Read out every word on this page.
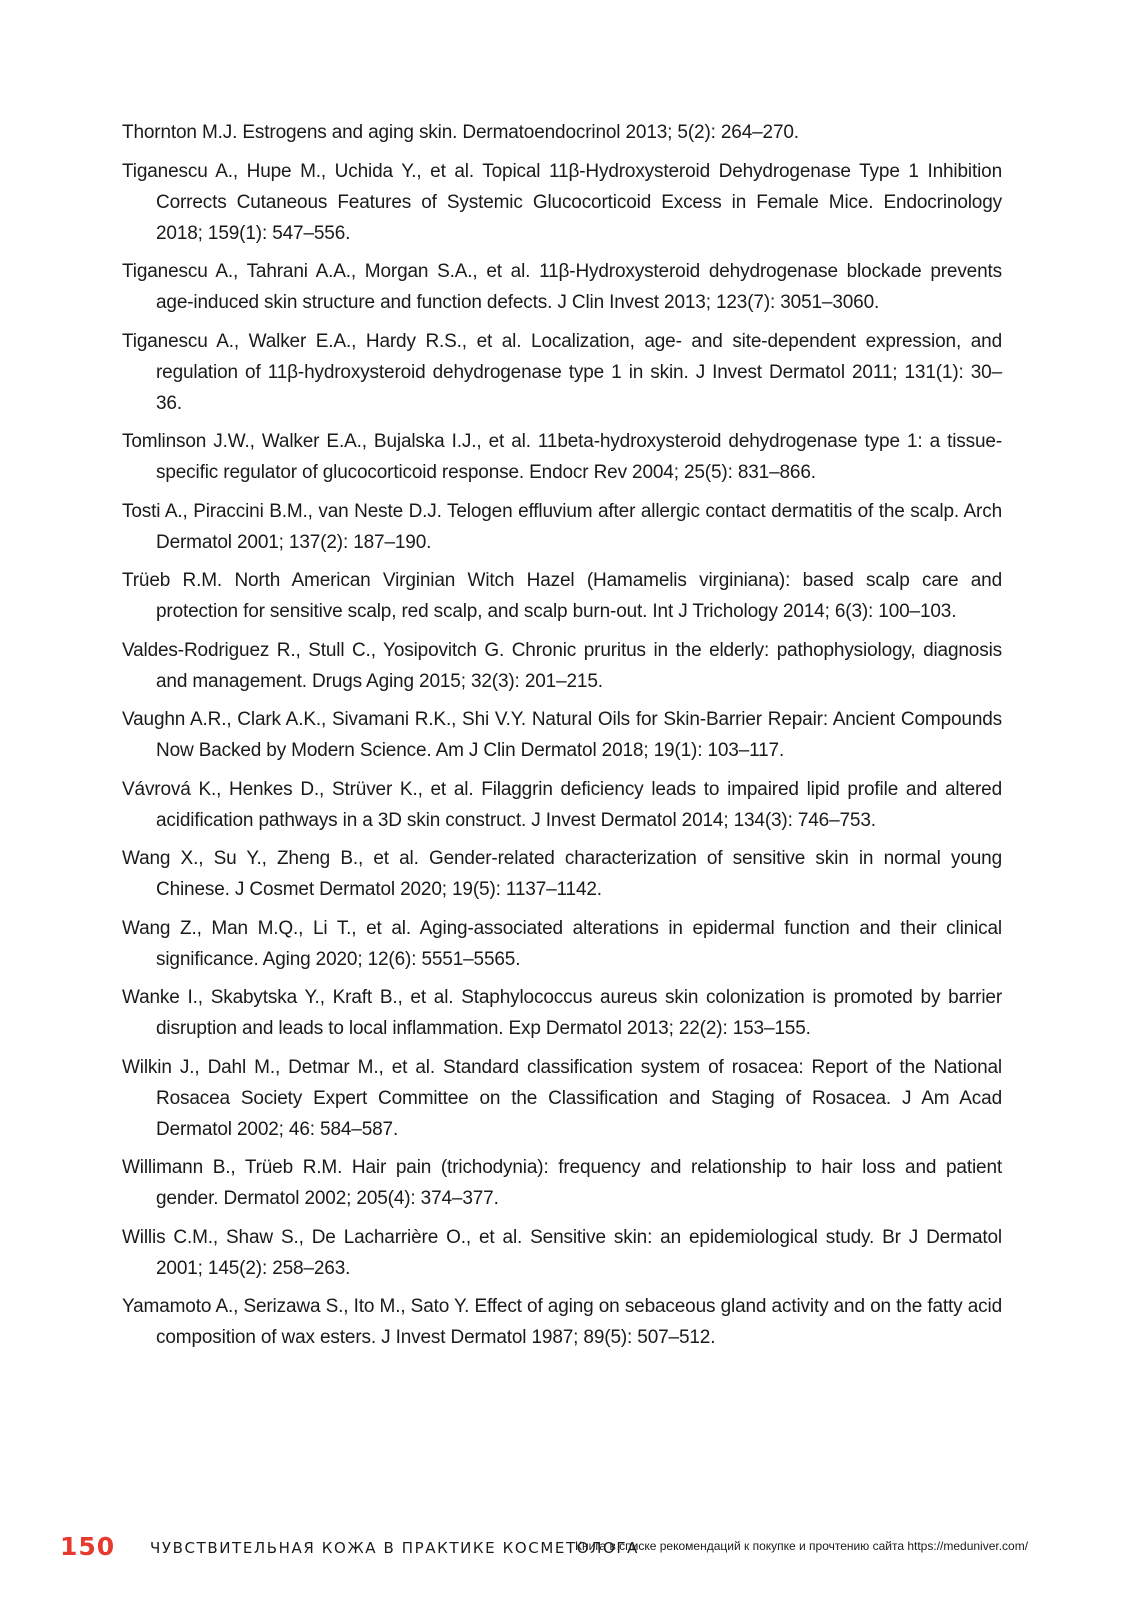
Thornton M.J. Estrogens and aging skin. Dermatoendocrinol 2013; 5(2): 264–270.
Tiganescu A., Hupe M., Uchida Y., et al. Topical 11β-Hydroxysteroid Dehydrogenase Type 1 Inhibition Corrects Cutaneous Features of Systemic Glucocorticoid Excess in Female Mice. Endocrinology 2018; 159(1): 547–556.
Tiganescu A., Tahrani A.A., Morgan S.A., et al. 11β-Hydroxysteroid dehydrogenase blockade prevents age-induced skin structure and function defects. J Clin Invest 2013; 123(7): 3051–3060.
Tiganescu A., Walker E.A., Hardy R.S., et al. Localization, age- and site-dependent expression, and regulation of 11β-hydroxysteroid dehydrogenase type 1 in skin. J Invest Dermatol 2011; 131(1): 30–36.
Tomlinson J.W., Walker E.A., Bujalska I.J., et al. 11beta-hydroxysteroid dehydrogenase type 1: a tissue-specific regulator of glucocorticoid response. Endocr Rev 2004; 25(5): 831–866.
Tosti A., Piraccini B.M., van Neste D.J. Telogen effluvium after allergic contact dermatitis of the scalp. Arch Dermatol 2001; 137(2): 187–190.
Trüeb R.M. North American Virginian Witch Hazel (Hamamelis virginiana): based scalp care and protection for sensitive scalp, red scalp, and scalp burn-out. Int J Trichology 2014; 6(3): 100–103.
Valdes-Rodriguez R., Stull C., Yosipovitch G. Chronic pruritus in the elderly: pathophysiology, diagnosis and management. Drugs Aging 2015; 32(3): 201–215.
Vaughn A.R., Clark A.K., Sivamani R.K., Shi V.Y. Natural Oils for Skin-Barrier Repair: Ancient Compounds Now Backed by Modern Science. Am J Clin Dermatol 2018; 19(1): 103–117.
Vávrová K., Henkes D., Strüver K., et al. Filaggrin deficiency leads to impaired lipid profile and altered acidification pathways in a 3D skin construct. J Invest Dermatol 2014; 134(3): 746–753.
Wang X., Su Y., Zheng B., et al. Gender-related characterization of sensitive skin in normal young Chinese. J Cosmet Dermatol 2020; 19(5): 1137–1142.
Wang Z., Man M.Q., Li T., et al. Aging-associated alterations in epidermal function and their clinical significance. Aging 2020; 12(6): 5551–5565.
Wanke I., Skabytska Y., Kraft B., et al. Staphylococcus aureus skin colonization is promoted by barrier disruption and leads to local inflammation. Exp Dermatol 2013; 22(2): 153–155.
Wilkin J., Dahl M., Detmar M., et al. Standard classification system of rosacea: Report of the National Rosacea Society Expert Committee on the Classification and Staging of Rosacea. J Am Acad Dermatol 2002; 46: 584–587.
Willimann B., Trüeb R.M. Hair pain (trichodynia): frequency and relationship to hair loss and patient gender. Dermatol 2002; 205(4): 374–377.
Willis C.M., Shaw S., De Lacharrière O., et al. Sensitive skin: an epidemiological study. Br J Dermatol 2001; 145(2): 258–263.
Yamamoto A., Serizawa S., Ito M., Sato Y. Effect of aging on sebaceous gland activity and on the fatty acid composition of wax esters. J Invest Dermatol 1987; 89(5): 507–512.
150 ЧУВСТВИТЕЛЬНАЯ КОЖА В ПРАКТИКЕ КОСМЕТОЛОГА
Книга в списке рекомендаций к покупке и прочтению сайта https://meduniver.com/
